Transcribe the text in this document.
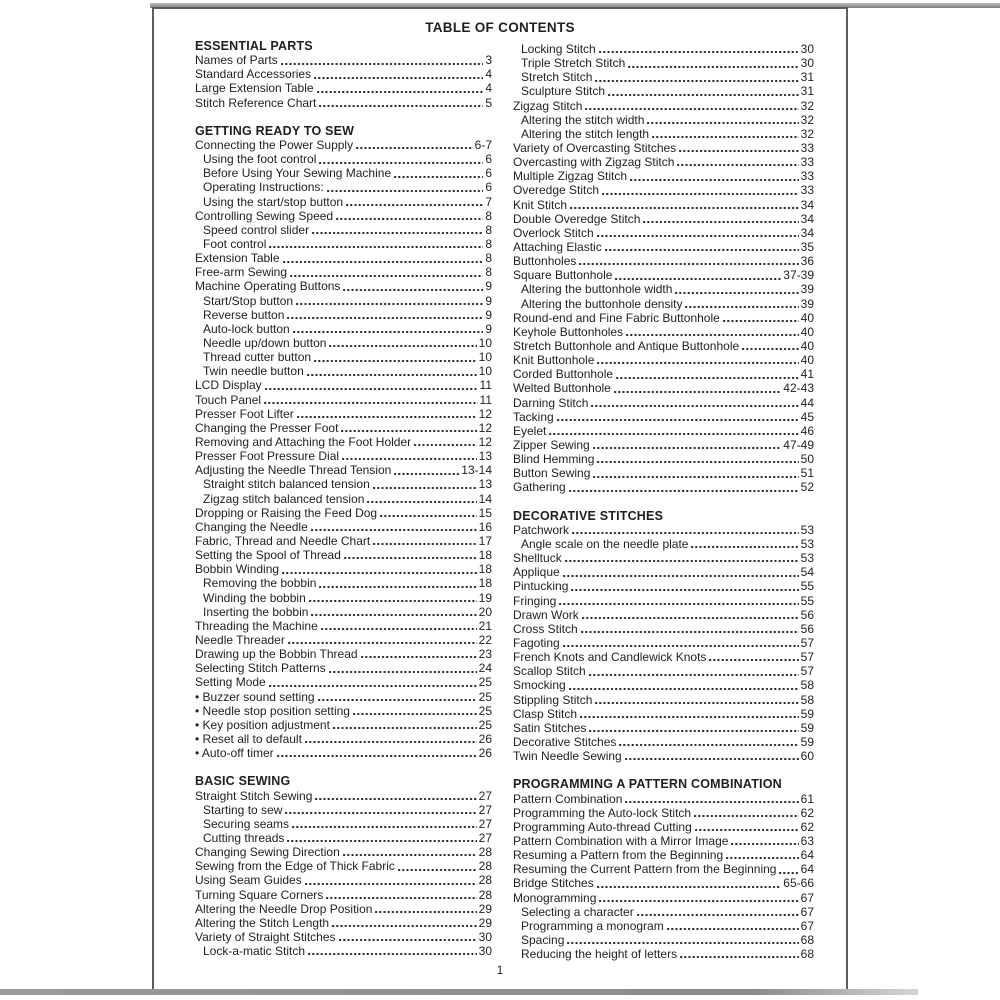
TABLE OF CONTENTS
ESSENTIAL PARTS
Names of Parts	3
Standard Accessories	4
Large Extension Table	4
Stitch Reference Chart	5
GETTING READY TO SEW
Connecting the Power Supply	6-7
Using the foot control	6
Before Using Your Sewing Machine	6
Operating Instructions:	6
Using the start/stop button	7
Controlling Sewing Speed	8
Speed control slider	8
Foot control	8
Extension Table	8
Free-arm Sewing	8
Machine Operating Buttons	9
Start/Stop button	9
Reverse button	9
Auto-lock button	9
Needle up/down button	10
Thread cutter button	10
Twin needle button	10
LCD Display	11
Touch Panel	11
Presser Foot Lifter	12
Changing the Presser Foot	12
Removing and Attaching the Foot Holder	12
Presser Foot Pressure Dial	13
Adjusting the Needle Thread Tension	13-14
Straight stitch balanced tension	13
Zigzag stitch balanced tension	14
Dropping or Raising the Feed Dog	15
Changing the Needle	16
Fabric, Thread and Needle Chart	17
Setting the Spool of Thread	18
Bobbin Winding	18
Removing the bobbin	18
Winding the bobbin	19
Inserting the bobbin	20
Threading the Machine	21
Needle Threader	22
Drawing up the Bobbin Thread	23
Selecting Stitch Patterns	24
Setting Mode	25
• Buzzer sound setting	25
• Needle stop position setting	25
• Key position adjustment	25
• Reset all to default	26
• Auto-off timer	26
BASIC SEWING
Straight Stitch Sewing	27
Starting to sew	27
Securing seams	27
Cutting threads	27
Changing Sewing Direction	28
Sewing from the Edge of Thick Fabric	28
Using Seam Guides	28
Turning Square Corners	28
Altering the Needle Drop Position	29
Altering the Stitch Length	29
Variety of Straight Stitches	30
Lock-a-matic Stitch	30
Locking Stitch	30
Triple Stretch Stitch	30
Stretch Stitch	31
Sculpture Stitch	31
Zigzag Stitch	32
Altering the stitch width	32
Altering the stitch length	32
Variety of Overcasting Stitches	33
Overcasting with Zigzag Stitch	33
Multiple Zigzag Stitch	33
Overedge Stitch	33
Knit Stitch	34
Double Overedge Stitch	34
Overlock Stitch	34
Attaching Elastic	35
Buttonholes	36
Square Buttonhole	37-39
Altering the buttonhole width	39
Altering the buttonhole density	39
Round-end and Fine Fabric Buttonhole	40
Keyhole Buttonholes	40
Stretch Buttonhole and Antique Buttonhole	40
Knit Buttonhole	40
Corded Buttonhole	41
Welted Buttonhole	42-43
Darning Stitch	44
Tacking	45
Eyelet	46
Zipper Sewing	47-49
Blind Hemming	50
Button Sewing	51
Gathering	52
DECORATIVE STITCHES
Patchwork	53
Angle scale on the needle plate	53
Shelltuck	53
Applique	54
Pintucking	55
Fringing	55
Drawn Work	56
Cross Stitch	56
Fagoting	57
French Knots and Candlewick Knots	57
Scallop Stitch	57
Smocking	58
Stippling Stitch	58
Clasp Stitch	59
Satin Stitches	59
Decorative Stitches	59
Twin Needle Sewing	60
PROGRAMMING A PATTERN COMBINATION
Pattern Combination	61
Programming the Auto-lock Stitch	62
Programming Auto-thread Cutting	62
Pattern Combination with a Mirror Image	63
Resuming a Pattern from the Beginning	64
Resuming the Current Pattern from the Beginning 64
Bridge Stitches	65-66
Monogramming	67
Selecting a character	67
Programming a monogram	67
Spacing	68
Reducing the height of letters	68
1
